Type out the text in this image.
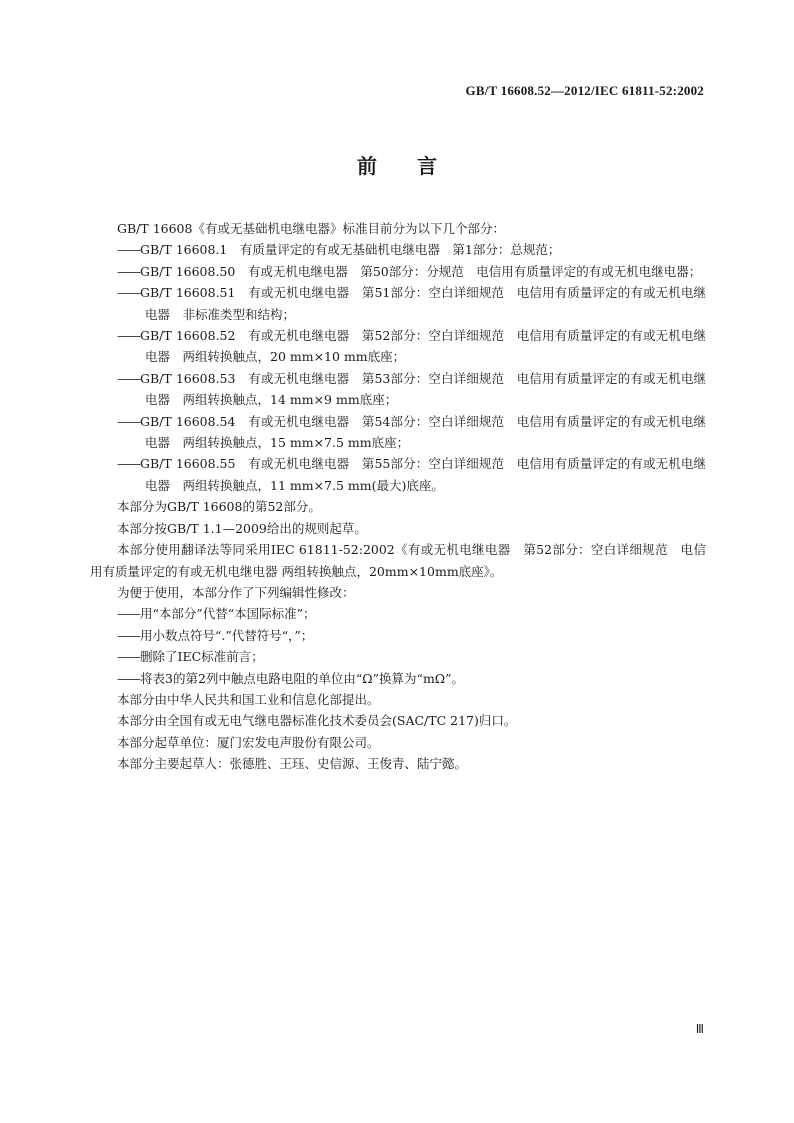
GB/T 16608.52—2012/IEC 61811-52:2002
前言

GB/T 16608《有或无基础机电继电器》标准目前分为以下几个部分：

——GB/T 16608.1　有质量评定的有或无基础机电继电器　第1部分：总规范；

——GB/T 16608.50　有或无机电继电器　第50部分：分规范　电信用有质量评定的有或无机电继电器；

——GB/T 16608.51　有或无机电继电器　第51部分：空白详细规范　电信用有质量评定的有或无机电继电器　非标准类型和结构；

——GB/T 16608.52　有或无机电继电器　第52部分：空白详细规范　电信用有质量评定的有或无机电继电器　两组转换触点，20 mm×10 mm底座；

——GB/T 16608.53　有或无机电继电器　第53部分：空白详细规范　电信用有质量评定的有或无机电继电器　两组转换触点，14 mm×9 mm底座；

——GB/T 16608.54　有或无机电继电器　第54部分：空白详细规范　电信用有质量评定的有或无机电继电器　两组转换触点，15 mm×7.5 mm底座；

——GB/T 16608.55　有或无机电继电器　第55部分：空白详细规范　电信用有质量评定的有或无机电继电器　两组转换触点，11 mm×7.5 mm(最大)底座。

本部分为GB/T 16608的第52部分。

本部分按GB/T 1.1—2009给出的规则起草。

本部分使用翻译法等同采用IEC 61811-52:2002《有或无机电继电器　第52部分：空白详细规范　电信用有质量评定的有或无机电继电器 两组转换触点，20mm×10mm底座》。

为便于使用，本部分作了下列编辑性修改：

——用“本部分”代替“本国际标准”；

——用小数点符号“.”代替符号“，”；

——删除了IEC标准前言；

——将表3的第2列中触点电路电阻的单位由“Ω”换算为“mΩ”。

本部分由中华人民共和国工业和信息化部提出。

本部分由全国有或无电气继电器标准化技术委员会(SAC/TC 217)归口。

本部分起草单位：厦门宏发电声股份有限公司。

本部分主要起草人：张德胜、王珏、史信源、王俊青、陆宁懿。

Ⅲ
